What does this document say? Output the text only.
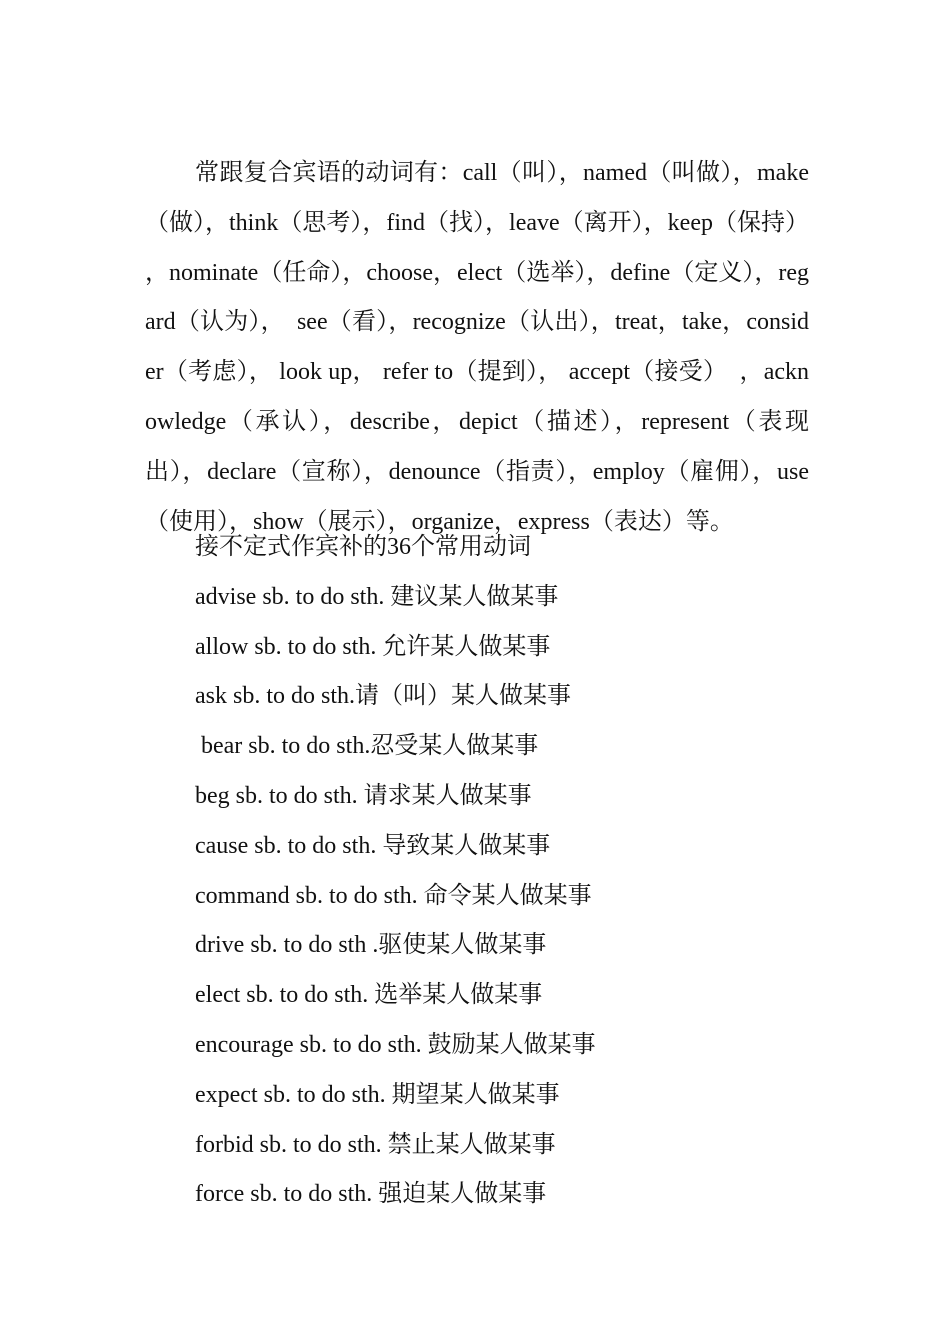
常跟复合宾语的动词有：call（叫），named（叫做），make（做），think（思考），find（找），leave（离开），keep（保持） ，nominate（任命），choose，elect（选举），define（定义），regard（认为），　see（看），recognize（认出），treat，take，consider（考虑）， look up， refer to（提到）， accept（接受）　，acknowledge（承认），describe，depict（描述），represent（表现出），declare（宣称），denounce（指责），employ（雇佣），use（使用），show（展示），organize，express（表达）等。

接不定式作宾补的36个常用动词
advise sb. to do sth. 建议某人做某事
allow sb. to do sth. 允许某人做某事
ask sb. to do sth.请（叫）某人做某事
bear sb. to do sth.忍受某人做某事
beg sb. to do sth. 请求某人做某事
cause sb. to do sth. 导致某人做某事
command sb. to do sth. 命令某人做某事
drive sb. to do sth .驱使某人做某事
elect sb. to do sth. 选举某人做某事
encourage sb. to do sth. 鼓励某人做某事
expect sb. to do sth. 期望某人做某事
forbid sb. to do sth. 禁止某人做某事
force sb. to do sth. 强迫某人做某事
